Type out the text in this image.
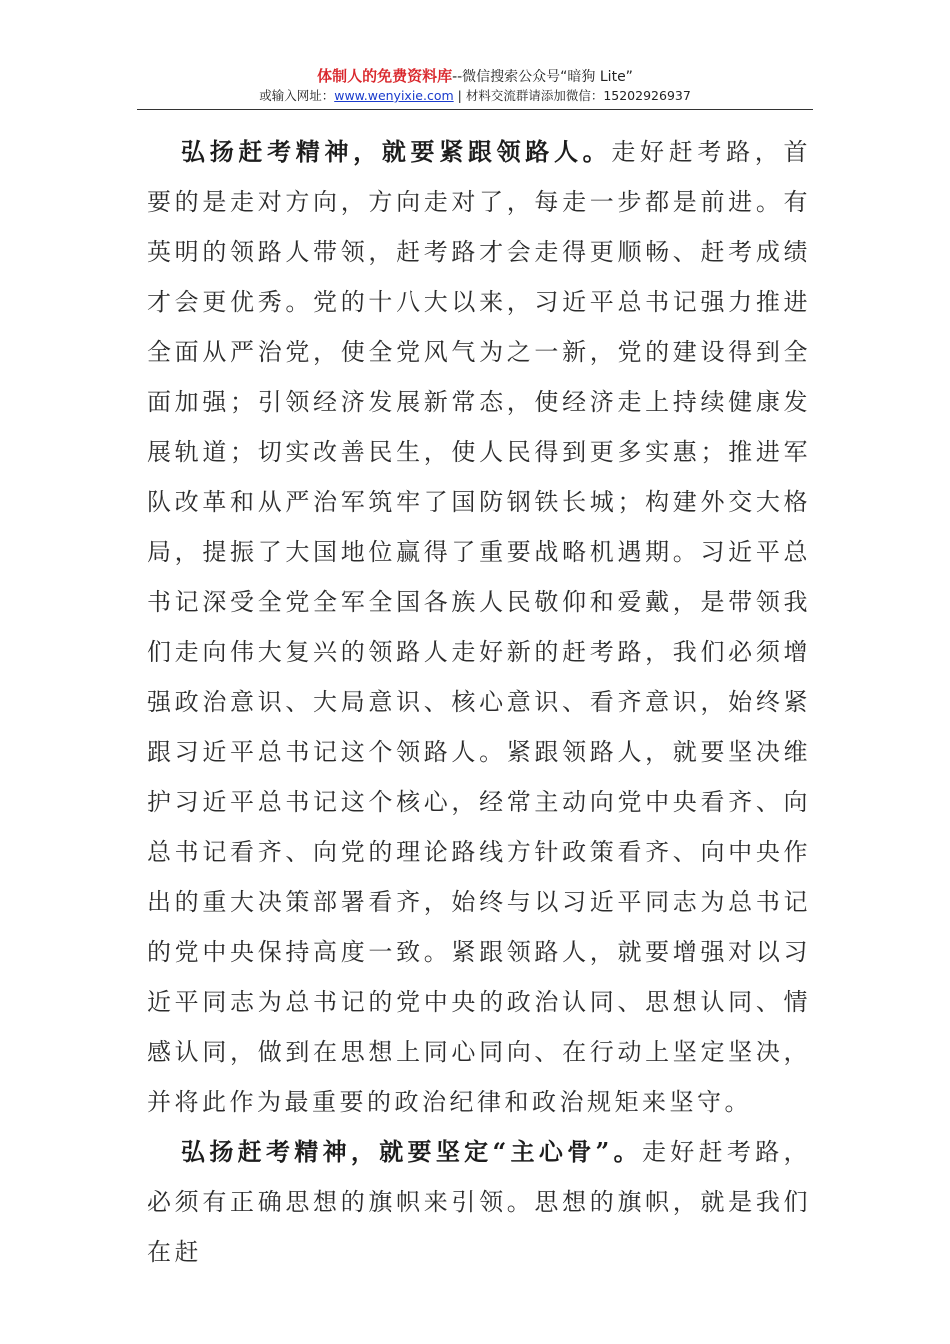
体制人的免费资料库--微信搜索公众号“暗狗 Lite”
或输入网址：www.wenyixie.com | 材料交流群请添加微信：15202926937

弘扬赶考精神，就要紧跟领路人。走好赶考路，首要的是走对方向，方向走对了，每走一步都是前进。有英明的领路人带领，赶考路才会走得更顺畅、赶考成绩才会更优秀。党的十八大以来，习近平总书记强力推进全面从严治党，使全党风气为之一新，党的建设得到全面加强；引领经济发展新常态，使经济走上持续健康发展轨道；切实改善民生，使人民得到更多实惠；推进军队改革和从严治军筑牢了国防钢铁长城；构建外交大格局，提振了大国地位赢得了重要战略机遇期。习近平总书记深受全党全军全国各族人民敬仰和爱戴，是带领我们走向伟大复兴的领路人走好新的赶考路，我们必须增强政治意识、大局意识、核心意识、看齐意识，始终紧跟习近平总书记这个领路人。紧跟领路人，就要坚决维护习近平总书记这个核心，经常主动向党中央看齐、向总书记看齐、向党的理论路线方针政策看齐、向中央作出的重大决策部署看齐，始终与以习近平同志为总书记的党中央保持高度一致。紧跟领路人，就要增强对以习近平同志为总书记的党中央的政治认同、思想认同、情感认同，做到在思想上同心同向、在行动上坚定坚决，并将此作为最重要的政治纪律和政治规矩来坚守。

弘扬赶考精神，就要坚定“主心骨”。走好赶考路，必须有正确思想的旗帜来引领。思想的旗帜，就是我们在赶
